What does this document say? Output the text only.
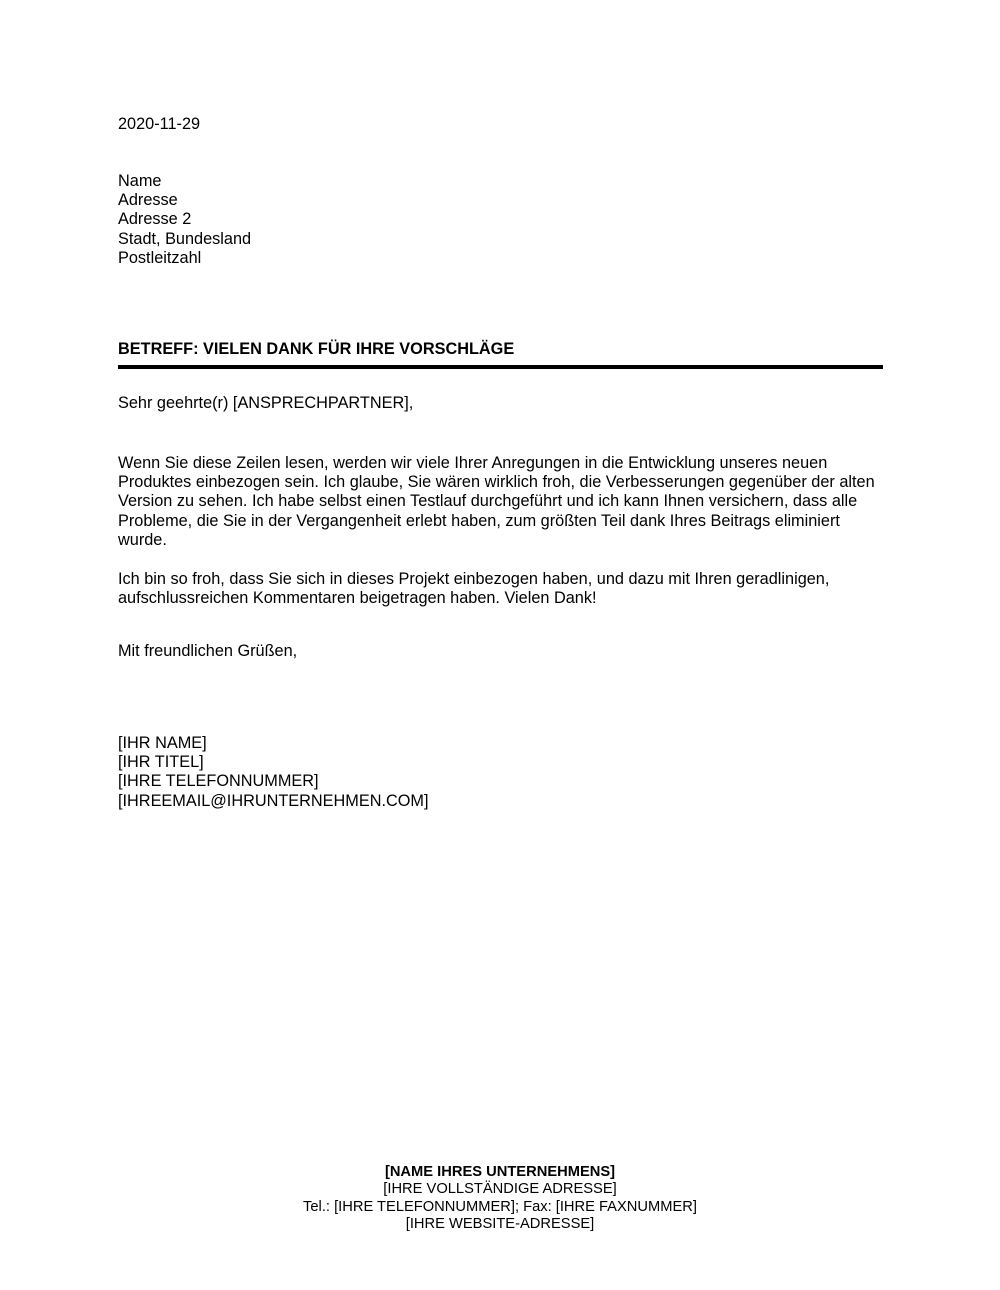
2020-11-29
Name
Adresse
Adresse 2
Stadt, Bundesland
Postleitzahl
BETREFF: VIELEN DANK FÜR IHRE VORSCHLÄGE
Sehr geehrte(r) [ANSPRECHPARTNER],
Wenn Sie diese Zeilen lesen, werden wir viele Ihrer Anregungen in die Entwicklung unseres neuen Produktes einbezogen sein. Ich glaube, Sie wären wirklich froh, die Verbesserungen gegenüber der alten Version zu sehen. Ich habe selbst einen Testlauf durchgeführt und ich kann Ihnen versichern, dass alle Probleme, die Sie in der Vergangenheit erlebt haben, zum größten Teil dank Ihres Beitrags eliminiert wurde.
Ich bin so froh, dass Sie sich in dieses Projekt einbezogen haben, und dazu mit Ihren geradlinigen, aufschlussreichen Kommentaren beigetragen haben. Vielen Dank!
Mit freundlichen Grüßen,
[IHR NAME]
[IHR TITEL]
[IHRE TELEFONNUMMER]
[IHREEMAIL@IHRUNTERNEHMEN.COM]
[NAME IHRES UNTERNEHMENS]
[IHRE VOLLSTÄNDIGE ADRESSE]
Tel.: [IHRE TELEFONNUMMER]; Fax: [IHRE FAXNUMMER]
[IHRE WEBSITE-ADRESSE]
